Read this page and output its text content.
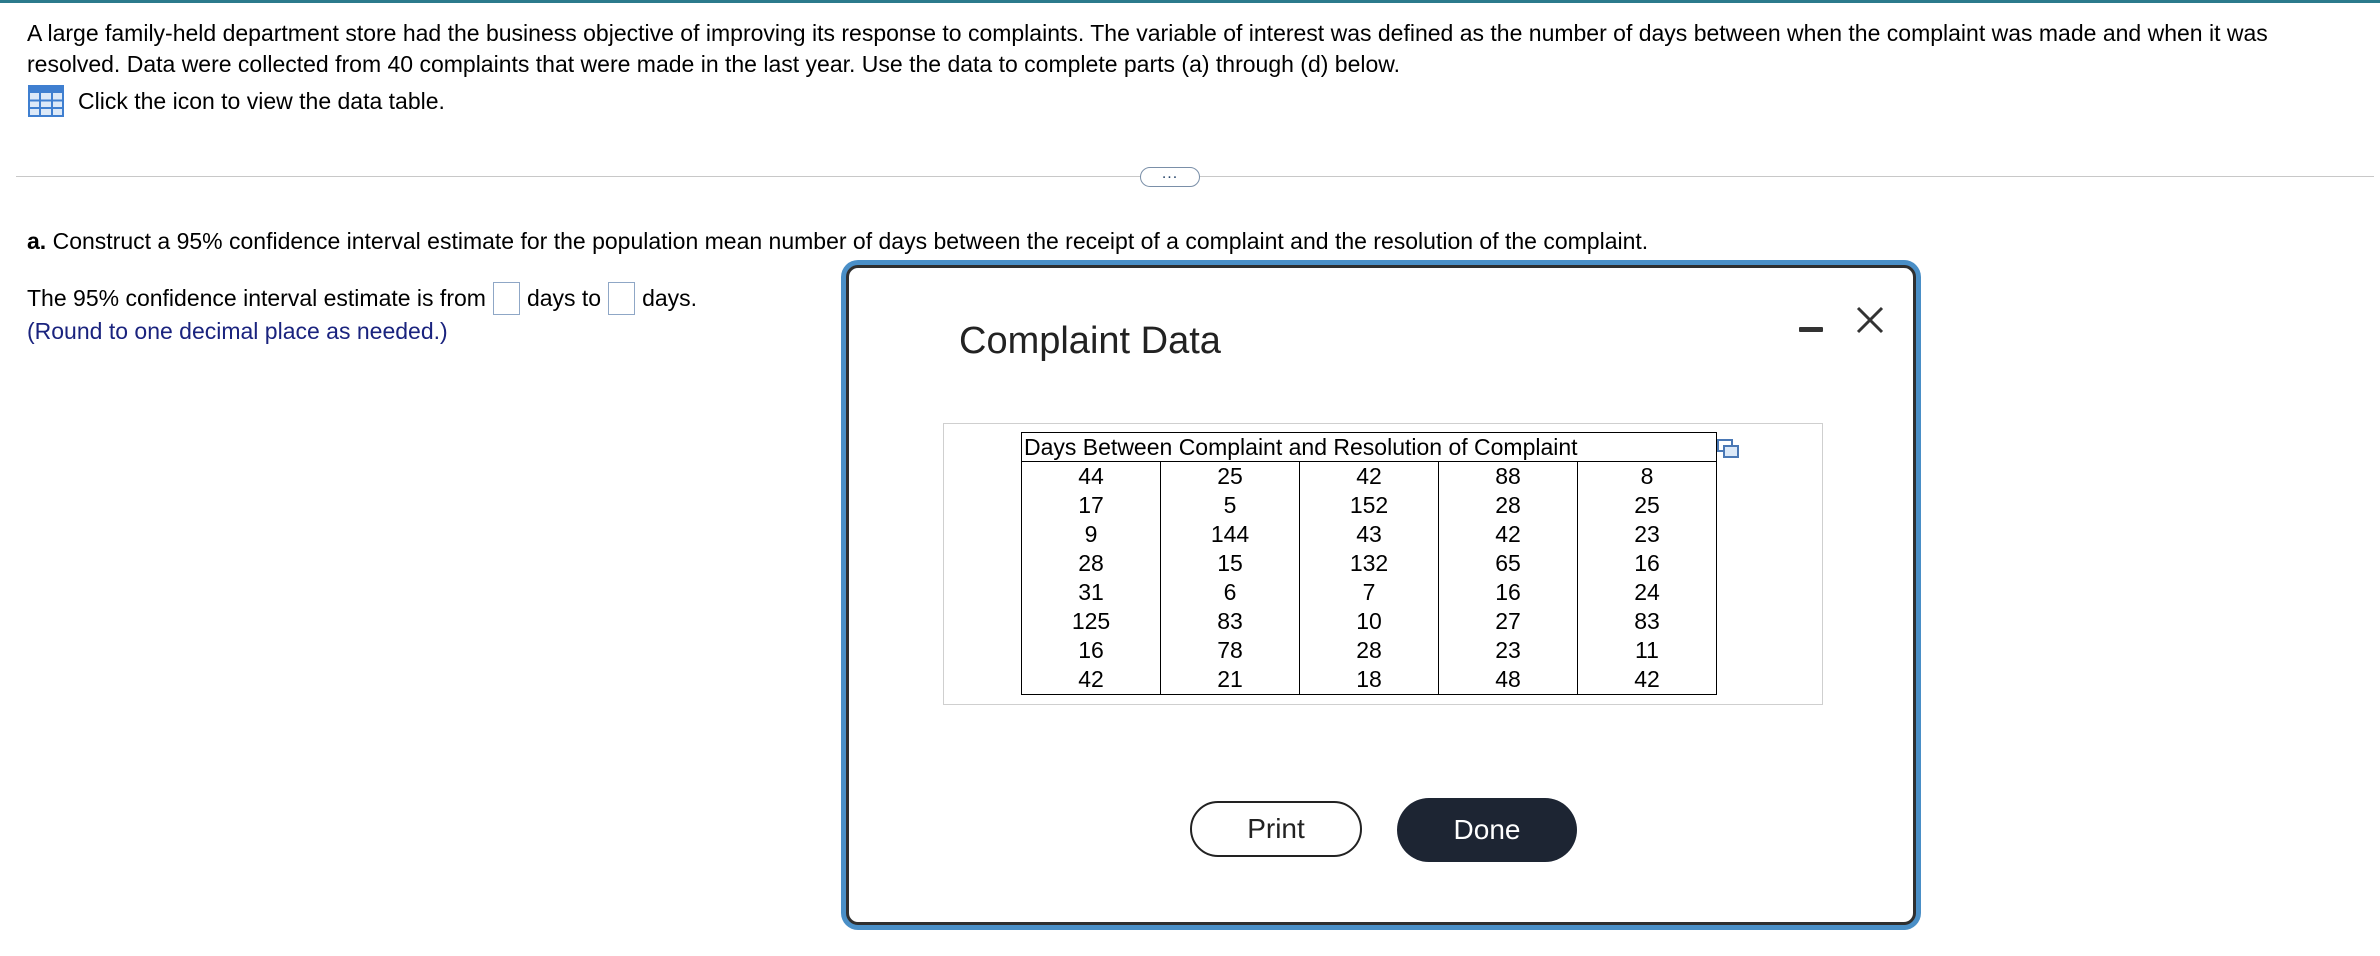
A large family-held department store had the business objective of improving its response to complaints. The variable of interest was defined as the number of days between when the complaint was made and when it was resolved. Data were collected from 40 complaints that were made in the last year. Use the data to complete parts (a) through (d) below.
Click the icon to view the data table.
...
a. Construct a 95% confidence interval estimate for the population mean number of days between the receipt of a complaint and the resolution of the complaint.
The 95% confidence interval estimate is from days to days.
(Round to one decimal place as needed.)	Complaint Data
Days Between Complaint and Resolution of Complaint				
44	25	42	88	8
17	5	152	28	25
9	144	43	42	23
28	15	132	65	16
31	6	7	16	24
125	83	10	27	83
16	78	28	23	11
42	21	18	48	42
Print	Done
